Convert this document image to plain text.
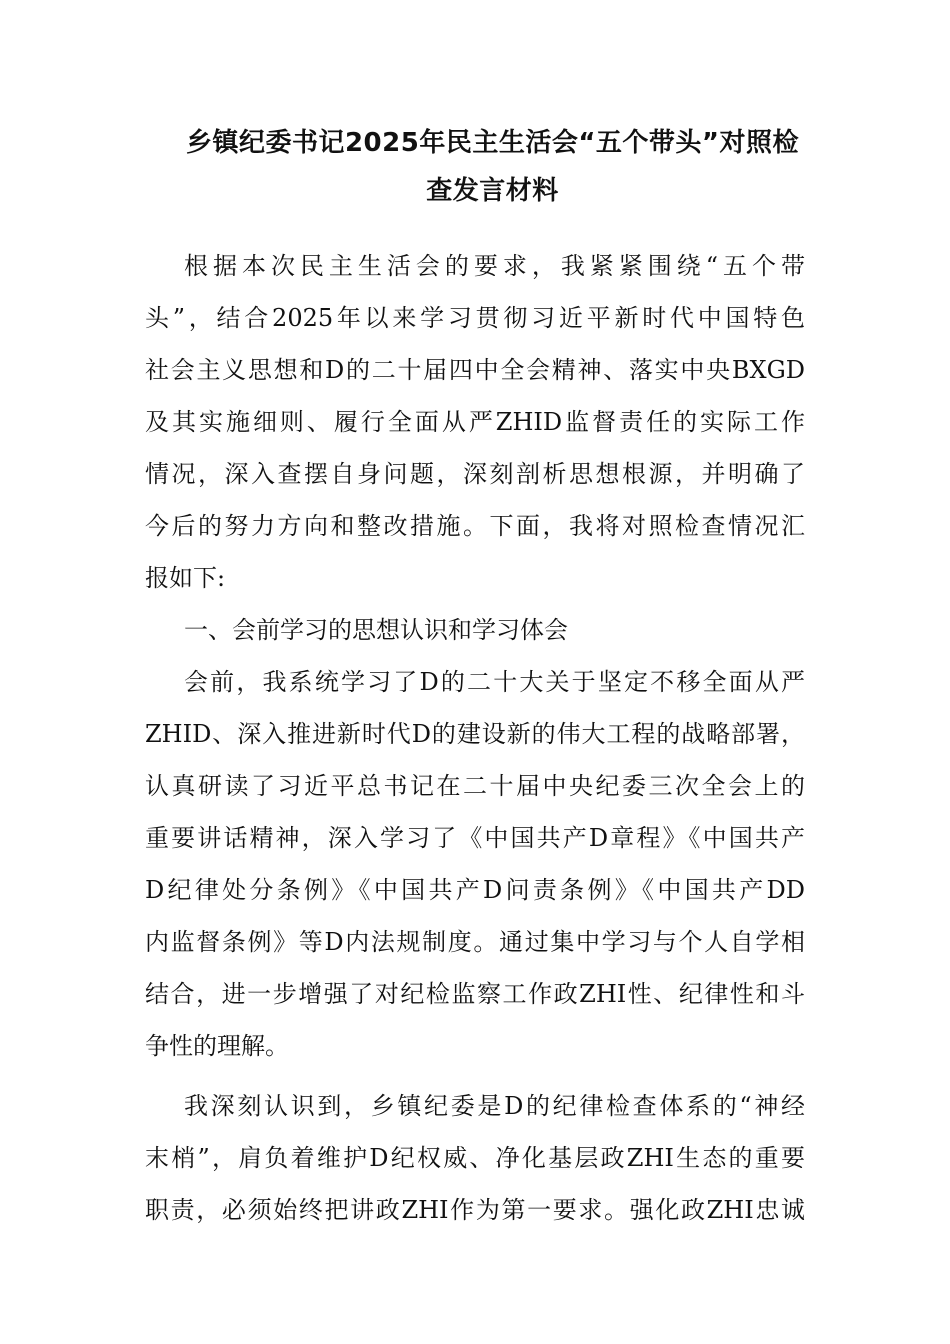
乡镇纪委书记2025年民主生活会“五个带头”对照检
查发言材料
根据本次民主生活会的要求，我紧紧围绕“五个带
头”，结合2025年以来学习贯彻习近平新时代中国特色
社会主义思想和D的二十届四中全会精神、落实中央BXGD
及其实施细则、履行全面从严ZHID监督责任的实际工作
情况，深入查摆自身问题，深刻剖析思想根源，并明确了
今后的努力方向和整改措施。下面，我将对照检查情况汇
报如下:
一、会前学习的思想认识和学习体会
会前，我系统学习了D的二十大关于坚定不移全面从严
ZHID、深入推进新时代D的建设新的伟大工程的战略部署，
认真研读了习近平总书记在二十届中央纪委三次全会上的
重要讲话精神，深入学习了《中国共产D章程》《中国共产
D纪律处分条例》《中国共产D问责条例》《中国共产DD
内监督条例》等D内法规制度。通过集中学习与个人自学相
结合，进一步增强了对纪检监察工作政ZHI性、纪律性和斗
争性的理解。
我深刻认识到，乡镇纪委是D的纪律检查体系的“神经
末梢”，肩负着维护D纪权威、净化基层政ZHI生态的重要
职责，必须始终把讲政ZHI作为第一要求。强化政ZHI忠诚
